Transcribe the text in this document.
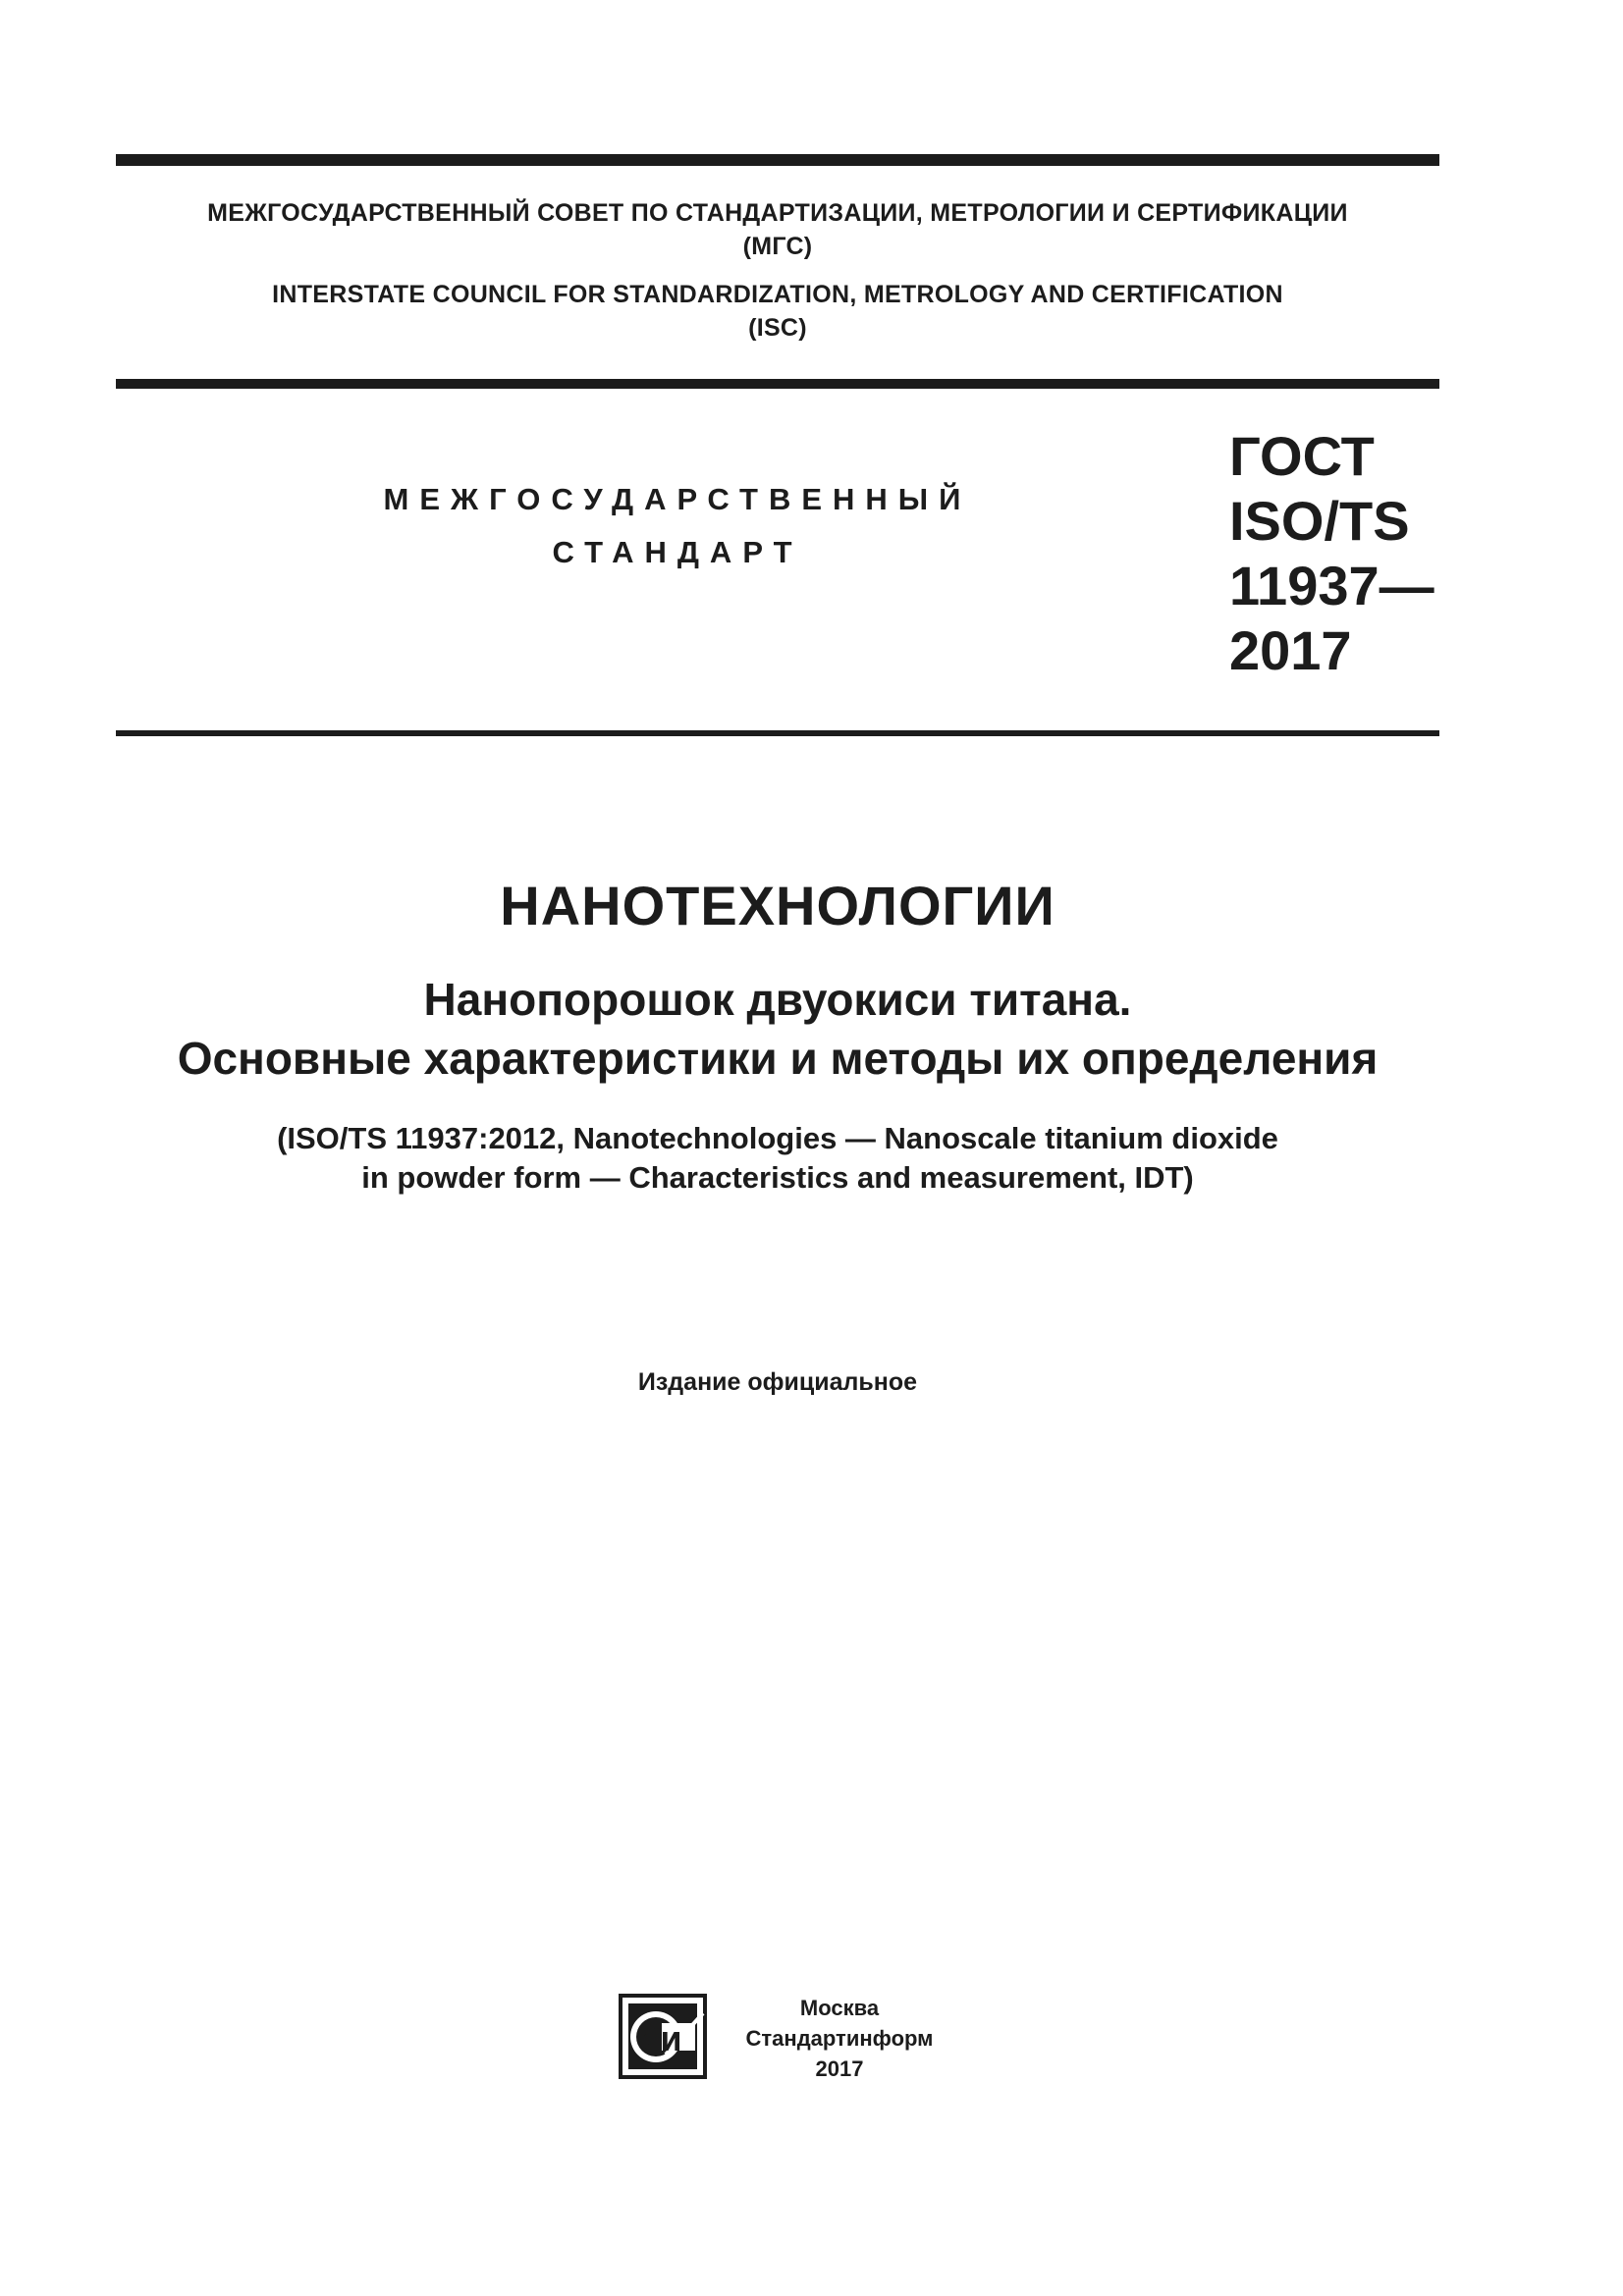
МЕЖГОСУДАРСТВЕННЫЙ СОВЕТ ПО СТАНДАРТИЗАЦИИ, МЕТРОЛОГИИ И СЕРТИФИКАЦИИ
(МГС)
INTERSTATE COUNCIL FOR STANDARDIZATION, METROLOGY AND CERTIFICATION
(ISC)
МЕЖГОСУДАРСТВЕННЫЙ
СТАНДАРТ
ГОСТ
ISO/TS
11937—
2017
НАНОТЕХНОЛОГИИ
Нанопорошок двуокиси титана.
Основные характеристики и методы их определения
(ISO/TS 11937:2012, Nanotechnologies — Nanoscale titanium dioxide
in powder form — Characteristics and measurement, IDT)
Издание официальное
СИ
Москва
Стандартинформ
2017
